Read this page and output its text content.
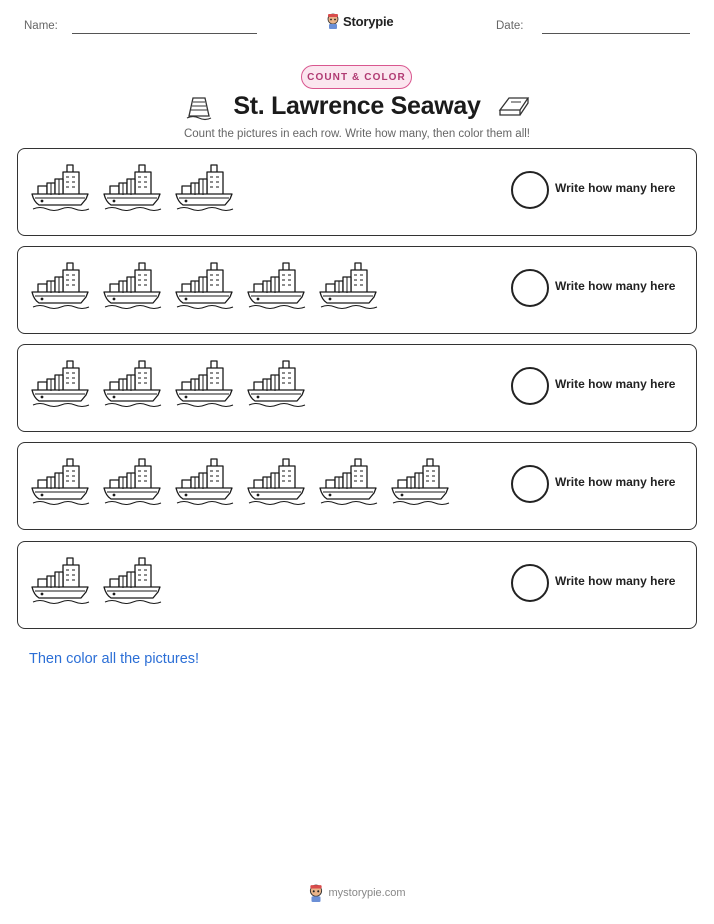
Name:	Storypie	Date:
COUNT & COLOR
St. Lawrence Seaway
Count the pictures in each row. Write how many, then color them all!
Write how many here
Write how many here
Write how many here
Write how many here
Write how many here
Then color all the pictures!
mystorypie.com
